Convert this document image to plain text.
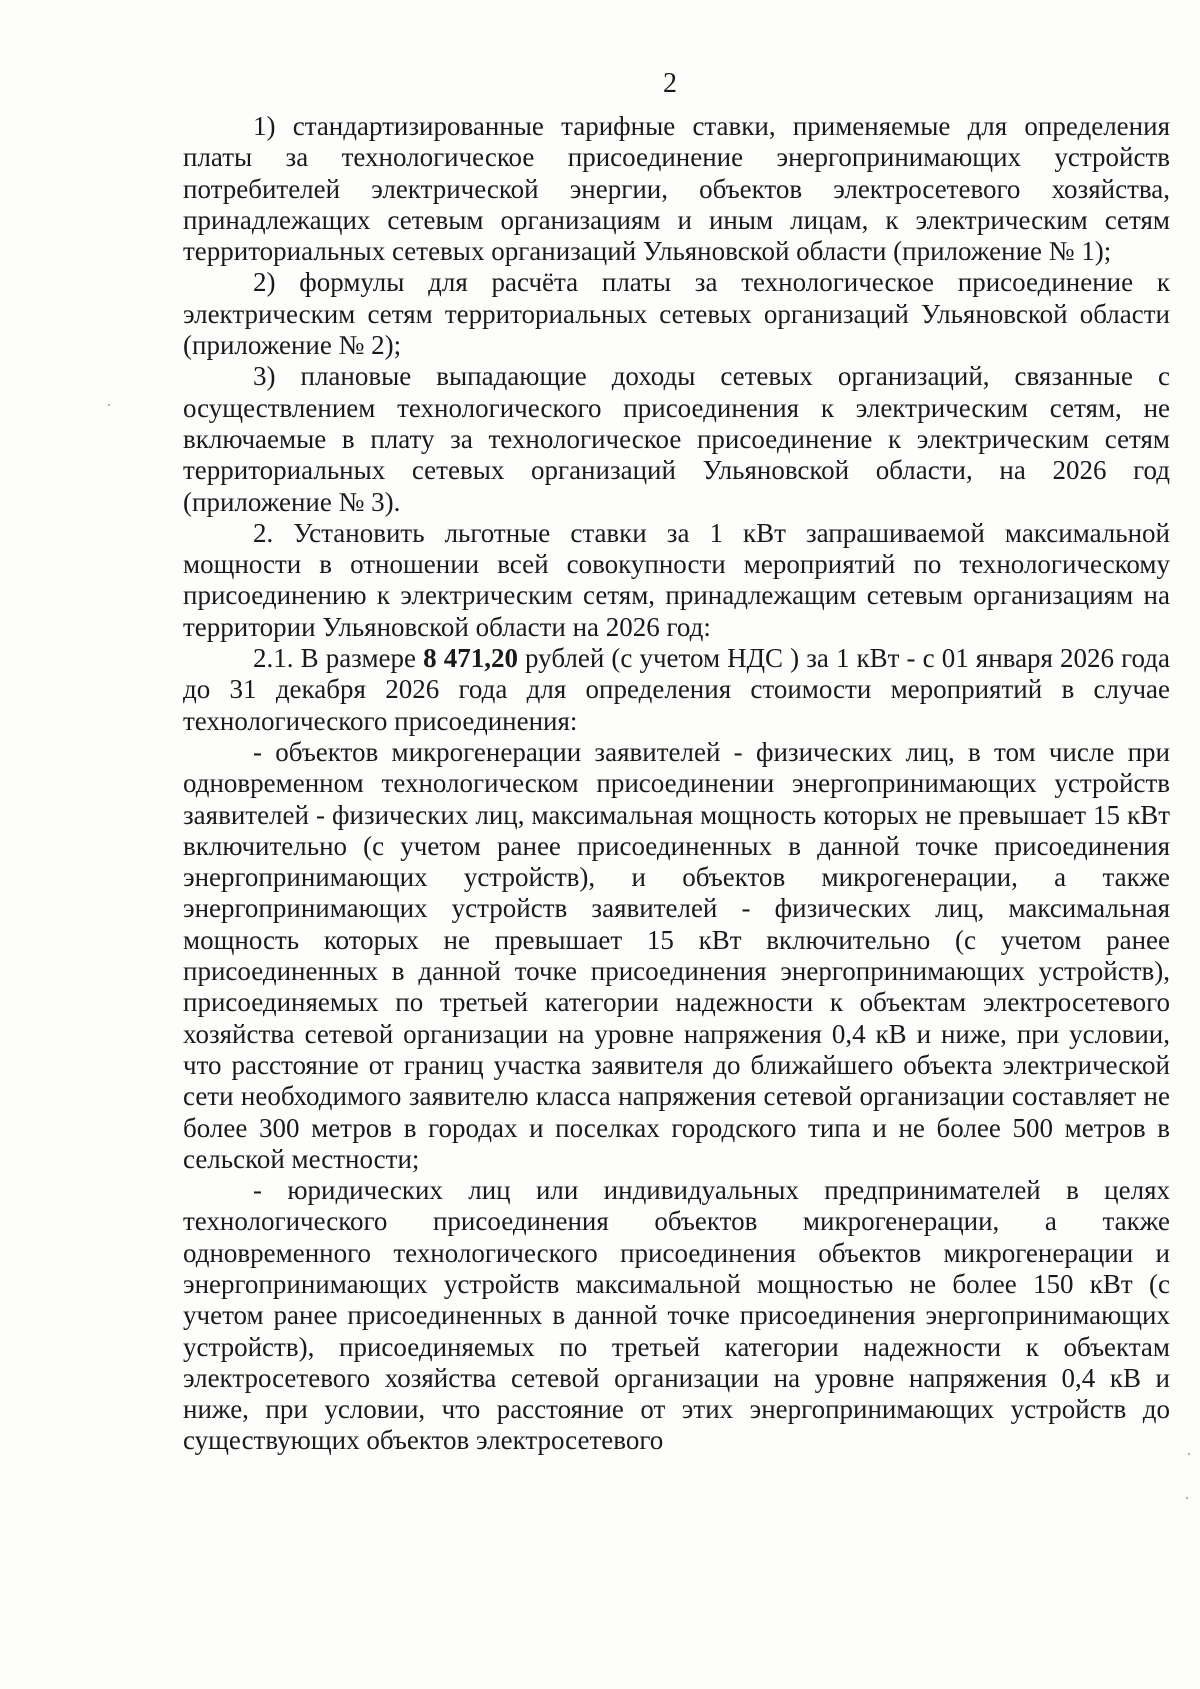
2

1) стандартизированные тарифные ставки, применяемые для определения платы за технологическое присоединение энергопринимающих устройств потребителей электрической энергии, объектов электросетевого хозяйства, принадлежащих сетевым организациям и иным лицам, к электрическим сетям территориальных сетевых организаций Ульяновской области (приложение № 1);

2) формулы для расчёта платы за технологическое присоединение к электрическим сетям территориальных сетевых организаций Ульяновской области (приложение № 2);

3) плановые выпадающие доходы сетевых организаций, связанные с осуществлением технологического присоединения к электрическим сетям, не включаемые в плату за технологическое присоединение к электрическим сетям территориальных сетевых организаций Ульяновской области, на 2026 год (приложение № 3).

2. Установить льготные ставки за 1 кВт запрашиваемой максимальной мощности в отношении всей совокупности мероприятий по технологическому присоединению к электрическим сетям, принадлежащим сетевым организациям на территории Ульяновской области на 2026 год:

2.1. В размере 8 471,20 рублей (с учетом НДС ) за 1 кВт - с 01 января 2026 года до 31 декабря 2026 года для определения стоимости мероприятий в случае технологического присоединения:

- объектов микрогенерации заявителей - физических лиц, в том числе при одновременном технологическом присоединении энергопринимающих устройств заявителей - физических лиц, максимальная мощность которых не превышает 15 кВт включительно (с учетом ранее присоединенных в данной точке присоединения энергопринимающих устройств), и объектов микрогенерации, а также энергопринимающих устройств заявителей - физических лиц, максимальная мощность которых не превышает 15 кВт включительно (с учетом ранее присоединенных в данной точке присоединения энергопринимающих устройств), присоединяемых по третьей категории надежности к объектам электросетевого хозяйства сетевой организации на уровне напряжения 0,4 кВ и ниже, при условии, что расстояние от границ участка заявителя до ближайшего объекта электрической сети необходимого заявителю класса напряжения сетевой организации составляет не более 300 метров в городах и поселках городского типа и не более 500 метров в сельской местности;

- юридических лиц или индивидуальных предпринимателей в целях технологического присоединения объектов микрогенерации, а также одновременного технологического присоединения объектов микрогенерации и энергопринимающих устройств максимальной мощностью не более 150 кВт (с учетом ранее присоединенных в данной точке присоединения энергопринимающих устройств), присоединяемых по третьей категории надежности к объектам электросетевого хозяйства сетевой организации на уровне напряжения 0,4 кВ и ниже, при условии, что расстояние от этих энергопринимающих устройств до существующих объектов электросетевого
